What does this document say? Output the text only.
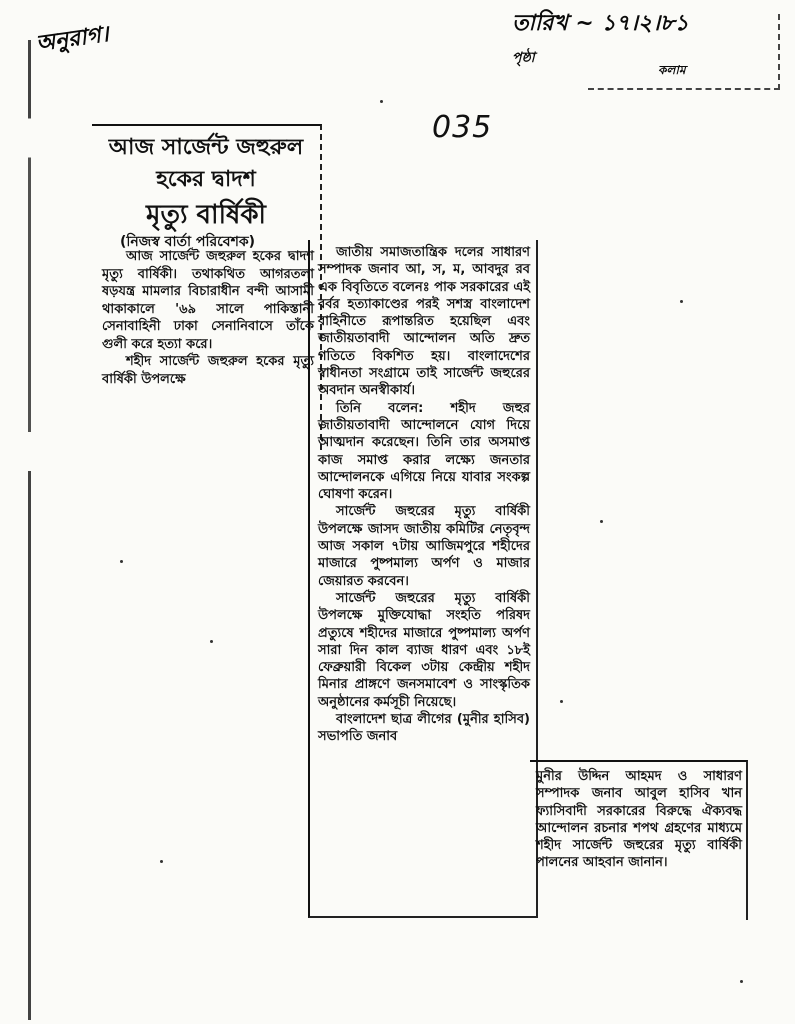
অনুরাগ।	তারিখ ~ ১৭।২।৮১
পৃষ্ঠা
কলাম
035
আজ সার্জেন্ট জহুরুল
হকের দ্বাদশ
মৃত্যু বার্ষিকী
(নিজস্ব বার্তা পরিবেশক)

আজ সার্জেন্ট জহুরুল হকের দ্বাদশ মৃত্যু বার্ষিকী। তথাকথিত আগরতলা ষড়যন্ত্র মামলার বিচারাধীন বন্দী আসামী থাকাকালে '৬৯ সালে পাকিস্তানী সেনাবাহিনী ঢাকা সেনানিবাসে তাঁকে গুলী করে হত্যা করে।

শহীদ সার্জেন্ট জহুরুল হকের মৃত্যু বার্ষিকী উপলক্ষে

জাতীয় সমাজতান্ত্রিক দলের সাধারণ সম্পাদক জনাব আ, স, ম, আবদুর রব এক বিবৃতিতে বলেনঃ পাক সরকারের এই বর্বর হত্যাকাণ্ডের পরই সশস্ত্র বাংলাদেশ বাহিনীতে রূপান্তরিত হয়েছিল এবং জাতীয়তাবাদী আন্দোলন অতি দ্রুত গতিতে বিকশিত হয়। বাংলাদেশের স্বাধীনতা সংগ্রামে তাই সার্জেন্ট জহুরের অবদান অনস্বীকার্য।

তিনি বলেন: শহীদ জহুর জাতীয়তাবাদী আন্দোলনে যোগ দিয়ে আত্মদান করেছেন। তিনি তার অসমাপ্ত কাজ সমাপ্ত করার লক্ষ্যে জনতার আন্দোলনকে এগিয়ে নিয়ে যাবার সংকল্প ঘোষণা করেন।

সার্জেন্ট জহুরের মৃত্যু বার্ষিকী উপলক্ষে জাসদ জাতীয় কমিটির নেতৃবৃন্দ আজ সকাল ৭টায় আজিমপুরে শহীদের মাজারে পুষ্পমাল্য অর্পণ ও মাজার জেয়ারত করবেন।

সার্জেন্ট জহুরের মৃত্যু বার্ষিকী উপলক্ষে মুক্তিযোদ্ধা সংহতি পরিষদ প্রত্যুষে শহীদের মাজারে পুষ্পমাল্য অর্পণ সারা দিন কাল ব্যাজ ধারণ এবং ১৮ই ফেব্রুয়ারী বিকেল ৩টায় কেন্দ্রীয় শহীদ মিনার প্রাঙ্গণে জনসমাবেশ ও সাংস্কৃতিক অনুষ্ঠানের কর্মসূচী নিয়েছে।

বাংলাদেশ ছাত্র লীগের (মুনীর হাসিব) সভাপতি জনাব

মুনীর উদ্দিন আহমদ ও সাধারণ সম্পাদক জনাব আবুল হাসিব খান ফ্যাসিবাদী সরকারের বিরুদ্ধে ঐক্যবদ্ধ আন্দোলন রচনার শপথ গ্রহণের মাধ্যমে শহীদ সার্জেন্ট জহুরের মৃত্যু বার্ষিকী পালনের আহবান জানান।
